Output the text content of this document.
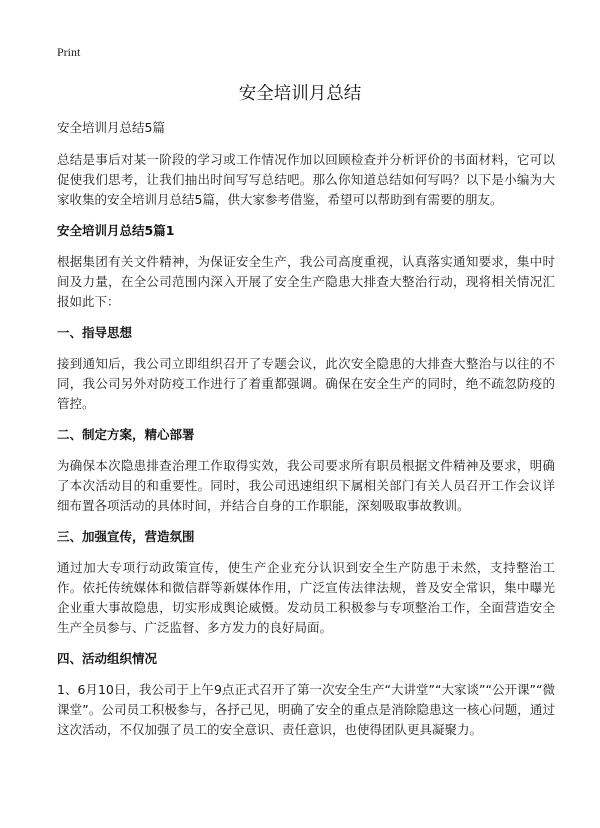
Print
安全培训月总结

安全培训月总结5篇

总结是事后对某一阶段的学习或工作情况作加以回顾检查并分析评价的书面材料，它可以促使我们思考，让我们抽出时间写写总结吧。那么你知道总结如何写吗？以下是小编为大家收集的安全培训月总结5篇，供大家参考借鉴，希望可以帮助到有需要的朋友。

安全培训月总结5篇1

根据集团有关文件精神，为保证安全生产，我公司高度重视，认真落实通知要求，集中时间及力量，在全公司范围内深入开展了安全生产隐患大排查大整治行动，现将相关情况汇报如此下：

一、指导思想

接到通知后，我公司立即组织召开了专题会议，此次安全隐患的大排查大整治与以往的不同，我公司另外对防疫工作进行了着重都强调。确保在安全生产的同时，绝不疏忽防疫的管控。

二、制定方案，精心部署

为确保本次隐患排查治理工作取得实效，我公司要求所有职员根据文件精神及要求，明确了本次活动目的和重要性。同时，我公司迅速组织下属相关部门有关人员召开工作会议详细布置各项活动的具体时间，并结合自身的工作职能，深刻吸取事故教训。

三、加强宣传，营造氛围

通过加大专项行动政策宣传，使生产企业充分认识到安全生产防患于未然，支持整治工作。依托传统媒体和微信群等新媒体作用，广泛宣传法律法规，普及安全常识，集中曝光企业重大事故隐患，切实形成舆论威慑。发动员工积极参与专项整治工作，全面营造安全生产全员参与、广泛监督、多方发力的良好局面。

四、活动组织情况

1、6月10日，我公司于上午9点正式召开了第一次安全生产“大讲堂”“大家谈”“公开课”“微课堂”。公司员工积极参与，各抒己见，明确了安全的重点是消除隐患这一核心问题，通过这次活动，不仅加强了员工的安全意识、责任意识，也使得团队更具凝聚力。
